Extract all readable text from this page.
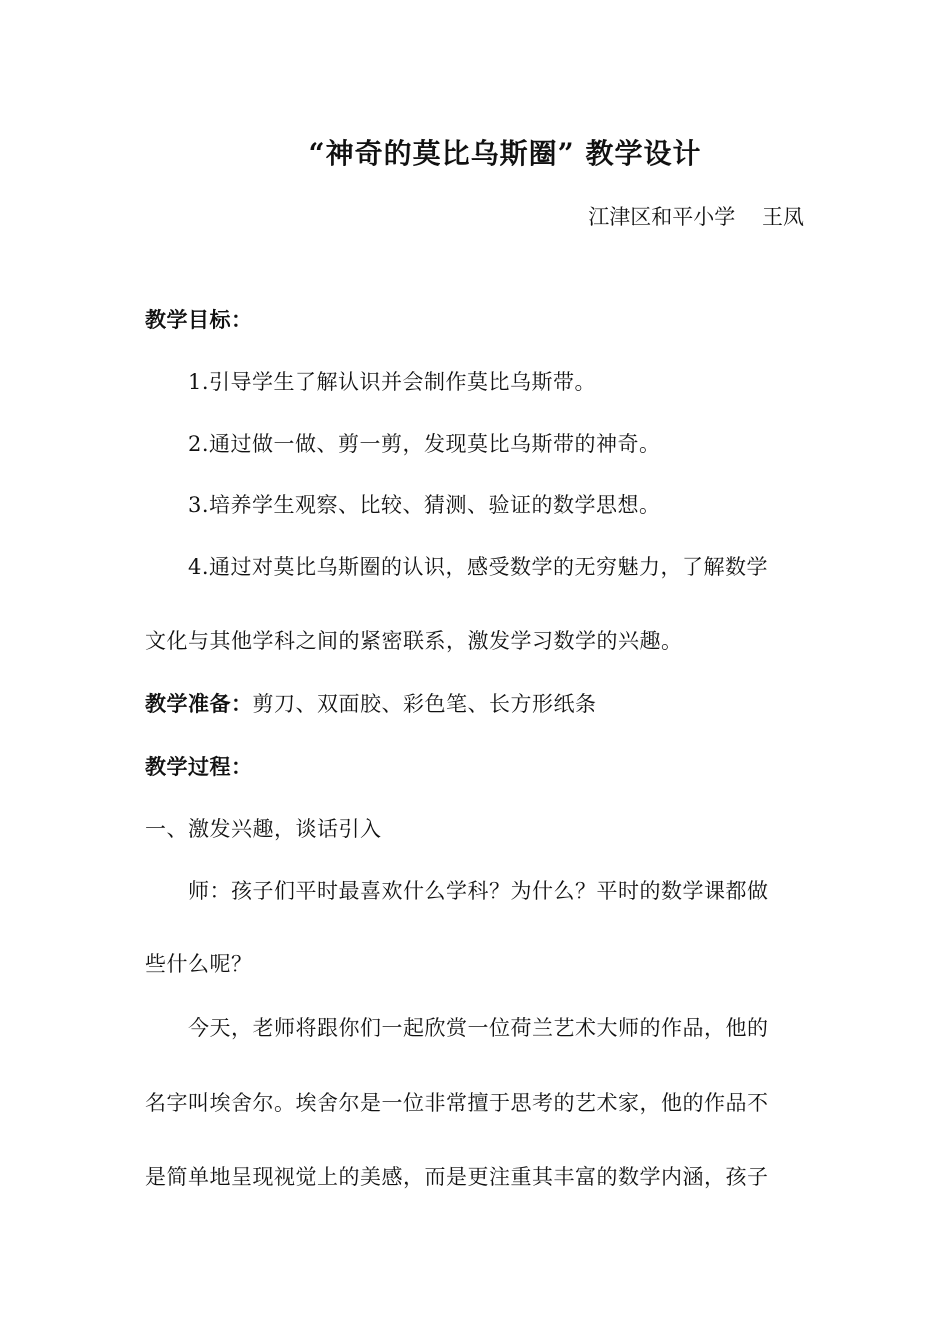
“神奇的莫比乌斯圈” 教学设计
江津区和平小学    王凤
教学目标：
1.引导学生了解认识并会制作莫比乌斯带。
2.通过做一做、剪一剪，发现莫比乌斯带的神奇。
3.培养学生观察、比较、猜测、验证的数学思想。
4.通过对莫比乌斯圈的认识，感受数学的无穷魅力，了解数学
文化与其他学科之间的紧密联系，激发学习数学的兴趣。
教学准备：剪刀、双面胶、彩色笔、长方形纸条
教学过程：
一、激发兴趣，谈话引入
师：孩子们平时最喜欢什么学科？为什么？平时的数学课都做
些什么呢？
今天，老师将跟你们一起欣赏一位荷兰艺术大师的作品，他的
名字叫埃舍尔。埃舍尔是一位非常擅于思考的艺术家，他的作品不
是简单地呈现视觉上的美感，而是更注重其丰富的数学内涵，孩子
